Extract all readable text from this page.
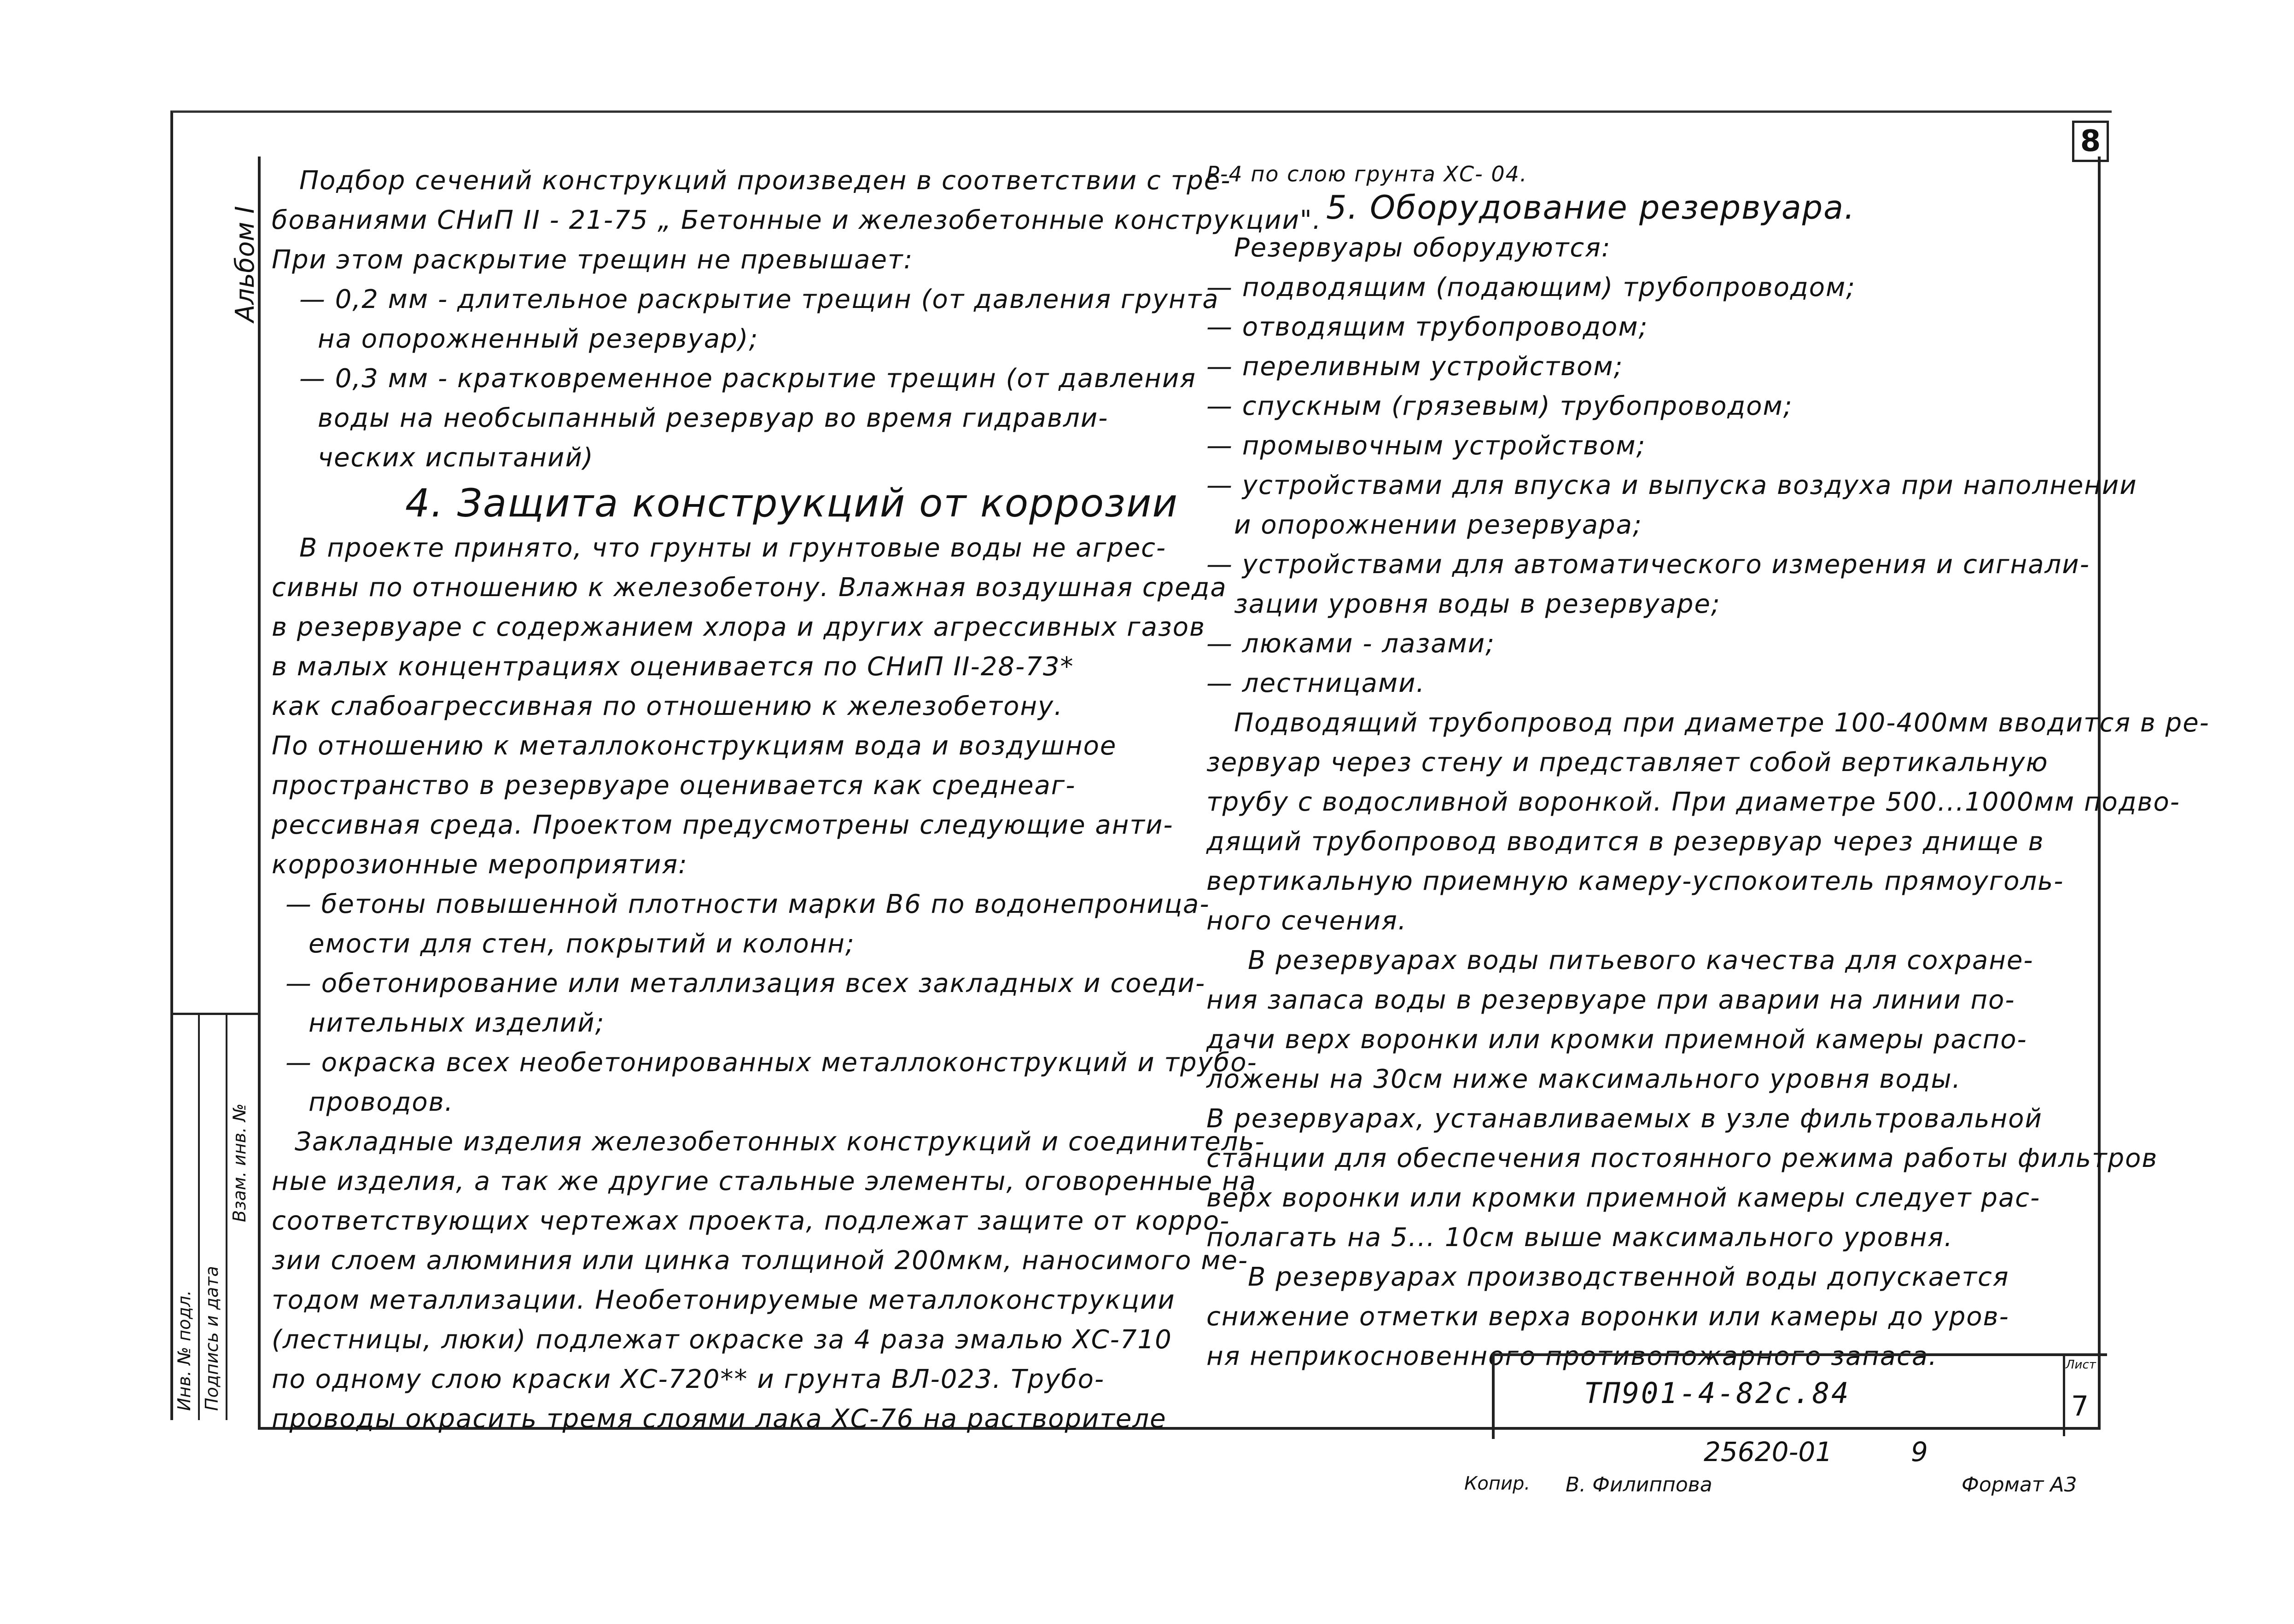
8
Альбом I
Инв. № подл. Подпись и дата
Взам. инв. №

Подбор сечений конструкций произведен в соответствии с тре-

бованиями СНиП II - 21-75 „ Бетонные и железобетонные конструкции".

При этом раскрытие трещин не превышает:

— 0,2 мм - длительное раскрытие трещин (от давления грунта

на опорожненный резервуар);

— 0,3 мм - кратковременное раскрытие трещин (от давления

воды на необсыпанный резервуар во время гидравли-

ческих испытаний)

4. Защита конструкций от коррозии

В проекте принято, что грунты и грунтовые воды не агрес-

сивны по отношению к железобетону. Влажная воздушная среда

в резервуаре с содержанием хлора и других агрессивных газов

в малых концентрациях оценивается по СНиП II-28-73*

как слабоагрессивная по отношению к железобетону.

По отношению к металлоконструкциям вода и воздушное

пространство в резервуаре оценивается как среднеаг-

рессивная среда. Проектом предусмотрены следующие анти-

коррозионные мероприятия:

— бетоны повышенной плотности марки В6 по водонепроница-

емости для стен, покрытий и колонн;

— обетонирование или металлизация всех закладных и соеди-

нительных изделий;

— окраска всех необетонированных металлоконструкций и трубо-

проводов.

Закладные изделия железобетонных конструкций и соединитель-

ные изделия, а так же другие стальные элементы, оговоренные на

соответствующих чертежах проекта, подлежат защите от корро-

зии слоем алюминия или цинка толщиной 200мкм, наносимого ме-

тодом металлизации. Необетонируемые металлоконструкции

(лестницы, люки) подлежат окраске за 4 раза эмалью ХС-710

по одному слою краски ХС-720** и грунта ВЛ-023. Трубо-

проводы окрасить тремя слоями лака ХС-76 на растворителе

Р-4 по слою грунта ХС- 04.

5. Оборудование резервуара.

Резервуары оборудуются:

— подводящим (подающим) трубопроводом;

— отводящим трубопроводом;

— переливным устройством;

— спускным (грязевым) трубопроводом;

— промывочным устройством;

— устройствами для впуска и выпуска воздуха при наполнении

и опорожнении резервуара;

— устройствами для автоматического измерения и сигнали-

зации уровня воды в резервуаре;

— люками - лазами;

— лестницами.

Подводящий трубопровод при диаметре 100-400мм вводится в ре-

зервуар через стену и представляет собой вертикальную

трубу с водосливной воронкой. При диаметре 500...1000мм подво-

дящий трубопровод вводится в резервуар через днище в

вертикальную приемную камеру-успокоитель прямоуголь-

ного сечения.

В резервуарах воды питьевого качества для сохране-

ния запаса воды в резервуаре при аварии на линии по-

дачи верх воронки или кромки приемной камеры распо-

ложены на 30см ниже максимального уровня воды.

В резервуарах, устанавливаемых в узле фильтровальной

станции для обеспечения постоянного режима работы фильтров

верх воронки или кромки приемной камеры следует рас-

полагать на 5... 10см выше максимального уровня.

В резервуарах производственной воды допускается

снижение отметки верха воронки или камеры до уров-

ня неприкосновенного противопожарного запаса.

ТП901-4-82с.84
Лист
7
25620-01	9
Копир. В. Филиппова	Формат А3
